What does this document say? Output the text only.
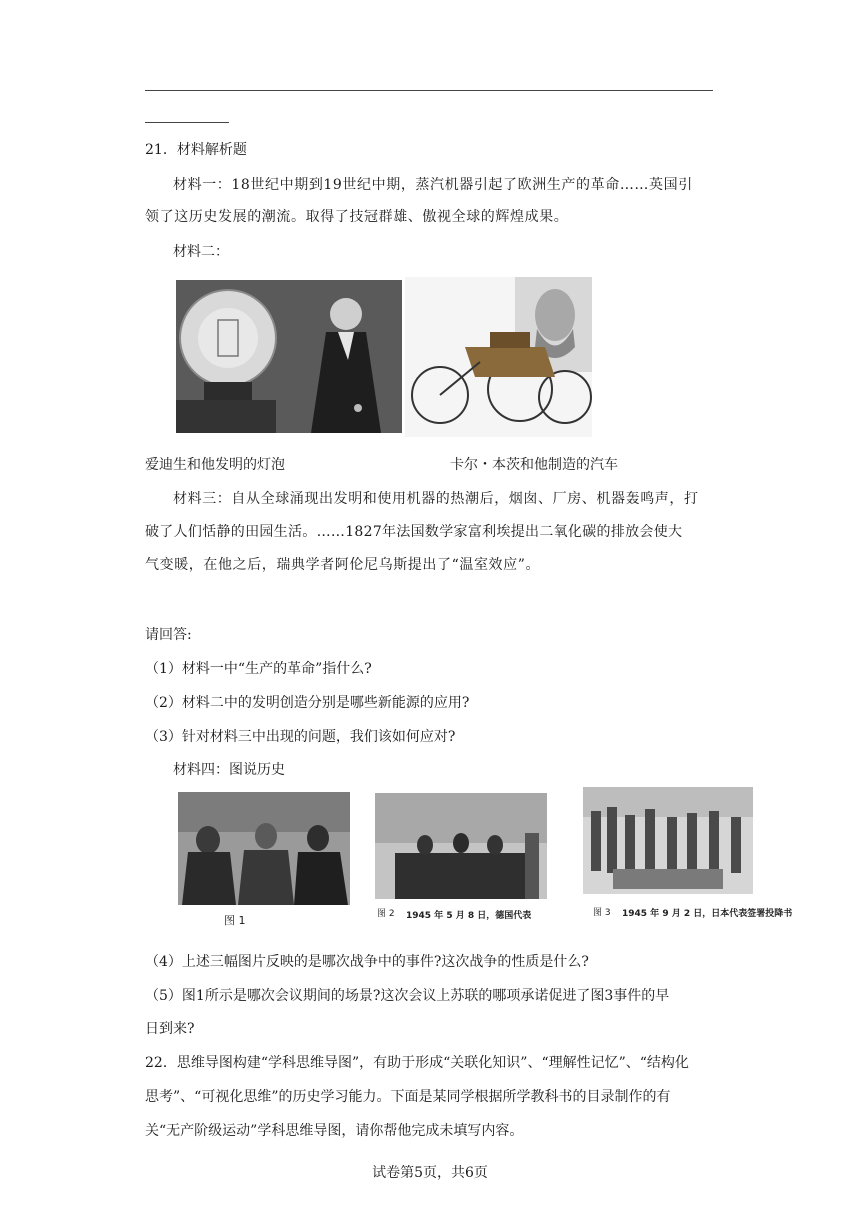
21．材料解析题
材料一：18世纪中期到19世纪中期，蒸汽机器引起了欧洲生产的革命……英国引
领了这历史发展的潮流。取得了技冠群雄、傲视全球的辉煌成果。
材料二：
爱迪生和他发明的灯泡	卡尔・本茨和他制造的汽车
材料三：自从全球涌现出发明和使用机器的热潮后，烟囱、厂房、机器轰鸣声，打
破了人们恬静的田园生活。……1827年法国数学家富利埃提出二氧化碳的排放会使大
气变暖，在他之后，瑞典学者阿伦尼乌斯提出了“温室效应”。
请回答:
（1）材料一中“生产的革命”指什么?
（2）材料二中的发明创造分别是哪些新能源的应用?
（3）针对材料三中出现的问题，我们该如何应对?
材料四：图说历史
图 1	图 2 1945 年 5 月 8 日，德国代表	图 3 1945 年 9 月 2 日，日本代表签署投降书
（4）上述三幅图片反映的是哪次战争中的事件?这次战争的性质是什么?
（5）图1所示是哪次会议期间的场景?这次会议上苏联的哪项承诺促进了图3事件的早
日到来?
22．思维导图构建“学科思维导图”，有助于形成“关联化知识”、“理解性记忆”、“结构化
思考”、“可视化思维”的历史学习能力。下面是某同学根据所学教科书的目录制作的有
关“无产阶级运动”学科思维导图，请你帮他完成未填写内容。
试卷第5页，共6页
